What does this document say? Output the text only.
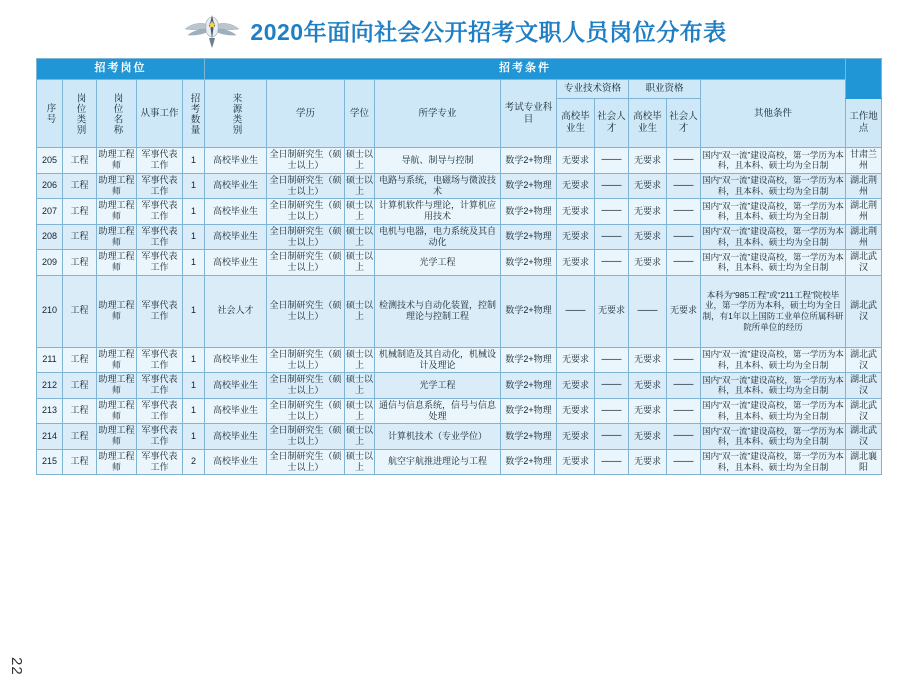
2020年面向社会公开招考文职人员岗位分布表
招考岗位					招考条件										
序号	岗位类别	岗位名称	从事工作	招考数量	来源类别	学历	学位	所学专业	考试专业科目	专业技术资格		职业资格		其他条件	
										高校毕业生	社会人才	高校毕业生	社会人才		工作地点
205	工程	助理工程师	军事代表工作	1	高校毕业生	全日制研究生（硕士以上）	硕士以上	导航、制导与控制	数学2+物理	无要求	——	无要求	——	国内“双一流”建设高校，第一学历为本科，且本科、硕士均为全日制	甘肃兰州
206	工程	助理工程师	军事代表工作	1	高校毕业生	全日制研究生（硕士以上）	硕士以上	电路与系统，电磁场与微波技术	数学2+物理	无要求	——	无要求	——	国内“双一流”建设高校，第一学历为本科，且本科、硕士均为全日制	湖北荆州
207	工程	助理工程师	军事代表工作	1	高校毕业生	全日制研究生（硕士以上）	硕士以上	计算机软件与理论，计算机应用技术	数学2+物理	无要求	——	无要求	——	国内“双一流”建设高校，第一学历为本科，且本科、硕士均为全日制	湖北荆州
208	工程	助理工程师	军事代表工作	1	高校毕业生	全日制研究生（硕士以上）	硕士以上	电机与电器，电力系统及其自动化	数学2+物理	无要求	——	无要求	——	国内“双一流”建设高校，第一学历为本科，且本科、硕士均为全日制	湖北荆州
209	工程	助理工程师	军事代表工作	1	高校毕业生	全日制研究生（硕士以上）	硕士以上	光学工程	数学2+物理	无要求	——	无要求	——	国内“双一流”建设高校，第一学历为本科，且本科、硕士均为全日制	湖北武汉
210	工程	助理工程师	军事代表工作	1	社会人才	全日制研究生（硕士以上）	硕士以上	检测技术与自动化装置，控制理论与控制工程	数学2+物理	——	无要求	——	无要求	本科为“985工程”或“211工程”院校毕业，第一学历为本科，硕士均为全日制，有1年以上国防工业单位所属科研院所单位的经历	湖北武汉
211	工程	助理工程师	军事代表工作	1	高校毕业生	全日制研究生（硕士以上）	硕士以上	机械制造及其自动化，机械设计及理论	数学2+物理	无要求	——	无要求	——	国内“双一流”建设高校，第一学历为本科，且本科、硕士均为全日制	湖北武汉
212	工程	助理工程师	军事代表工作	1	高校毕业生	全日制研究生（硕士以上）	硕士以上	光学工程	数学2+物理	无要求	——	无要求	——	国内“双一流”建设高校，第一学历为本科，且本科、硕士均为全日制	湖北武汉
213	工程	助理工程师	军事代表工作	1	高校毕业生	全日制研究生（硕士以上）	硕士以上	通信与信息系统，信号与信息处理	数学2+物理	无要求	——	无要求	——	国内“双一流”建设高校，第一学历为本科，且本科、硕士均为全日制	湖北武汉
214	工程	助理工程师	军事代表工作	1	高校毕业生	全日制研究生（硕士以上）	硕士以上	计算机技术（专业学位）	数学2+物理	无要求	——	无要求	——	国内“双一流”建设高校，第一学历为本科，且本科、硕士均为全日制	湖北武汉
215	工程	助理工程师	军事代表工作	2	高校毕业生	全日制研究生（硕士以上）	硕士以上	航空宇航推进理论与工程	数学2+物理	无要求	——	无要求	——	国内“双一流”建设高校，第一学历为本科，且本科、硕士均为全日制	湖北襄阳
22
